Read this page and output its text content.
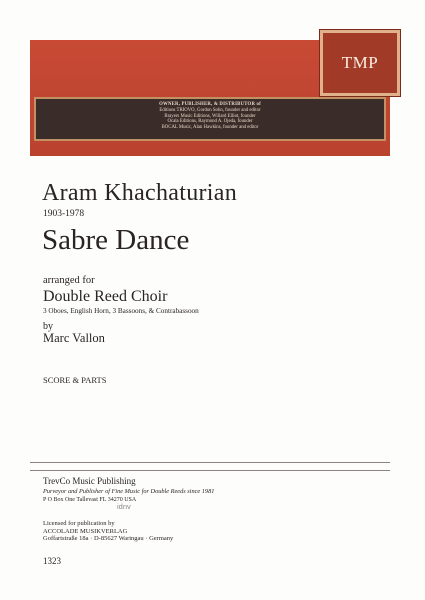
TMP
OWNER, PUBLISHER, & DISTRIBUTOR of
Editions TRIOVO, Gordon Sohn, founder and editor
Brayers Music Editions, Willard Elliot, founder
Ocala Editions, Raymond A. Ojeda, founder
BOCAL Music, Alan Hawkins, founder and editor
Aram Khachaturian
1903-1978
Sabre Dance
arranged for
Double Reed Choir
3 Oboes, English Horn, 3 Bassoons, & Contrabassoon
by
Marc Vallon
SCORE & PARTS
TrevCo Music Publishing
Purveyor and Publisher of Fine Music for Double Reeds since 1981
P O Box One Tallevast FL 34270 USA
idnv
Licensed for publication by
ACCOLADE MUSIKVERLAG
Goffartstraße 18a · D-85627 Waringau · Germany
1323
